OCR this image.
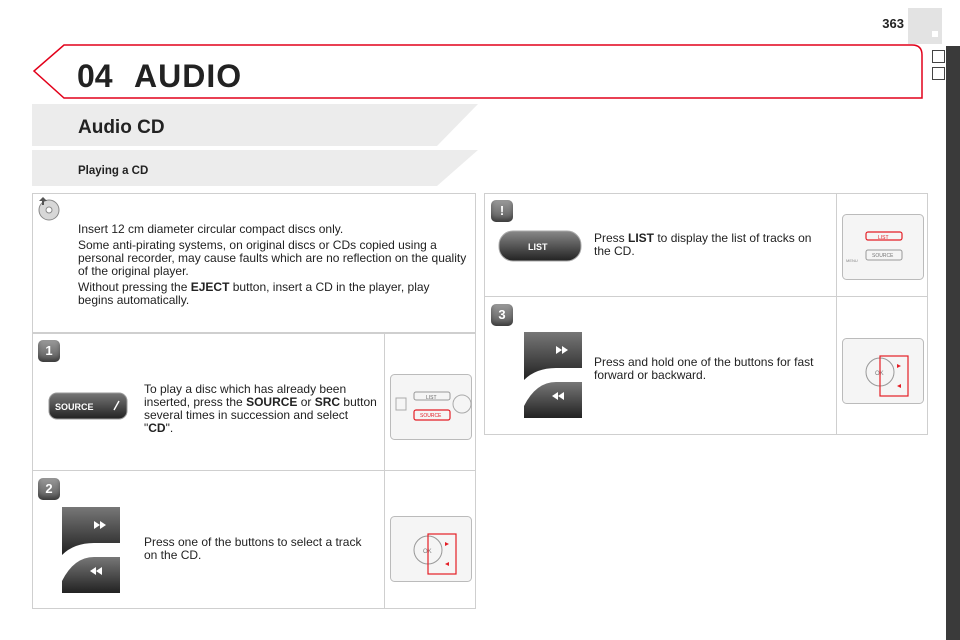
363
04 AUDIO
Audio CD
Playing a CD
Insert 12 cm diameter circular compact discs only.
Some anti-pirating systems, on original discs or CDs copied using a personal recorder, may cause faults which are no reflection on the quality of the original player.
Without pressing the EJECT button, insert a CD in the player, play begins automatically.
1
SOURCE
To play a disc which has already been inserted, press the SOURCE or SRC button several times in succession and select "CD".
LIST
SOURCE
2
Press one of the buttons to select a track on the CD.	OK
!
LIST
Press LIST to display the list of tracks on the CD.
LIST
SOURCE
MENU
3
Press and hold one of the buttons for fast forward or backward.	OK
